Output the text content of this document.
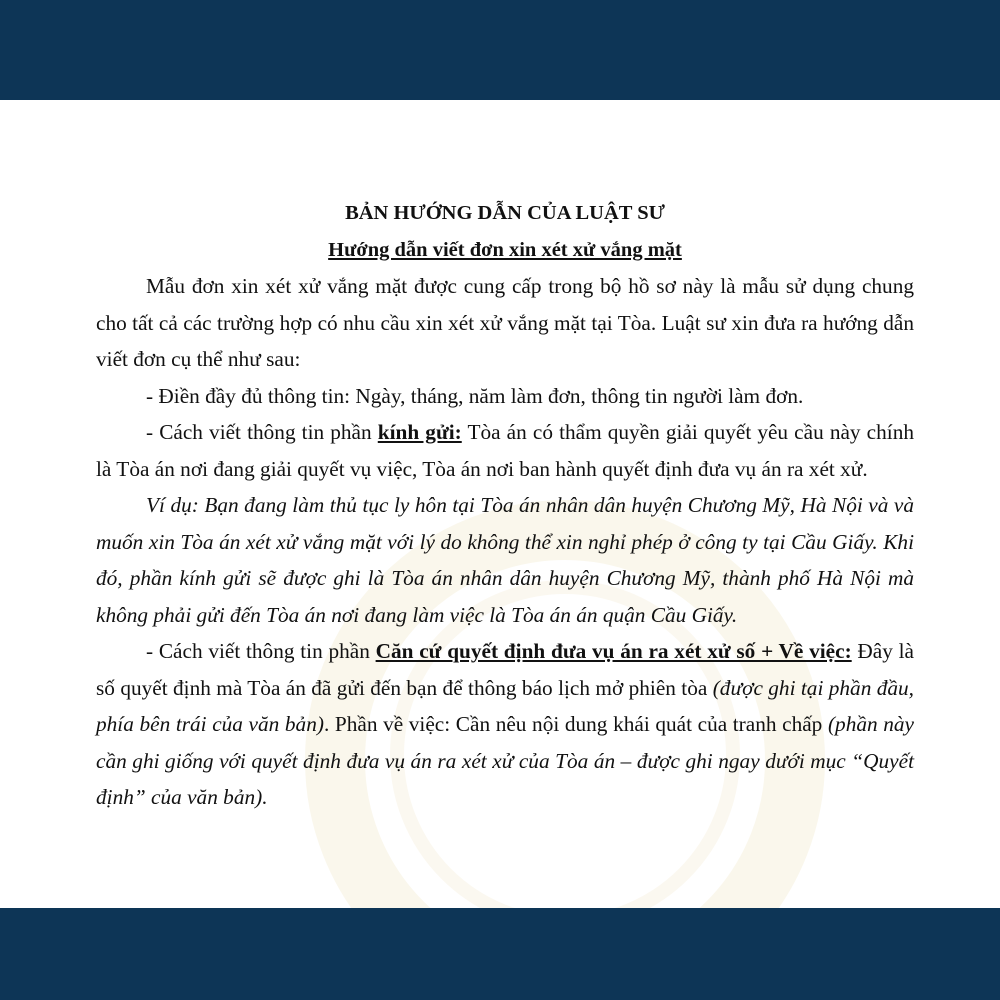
BẢN HƯỚNG DẪN CỦA LUẬT SƯ

Hướng dẫn viết đơn xin xét xử vắng mặt

Mẫu đơn xin xét xử vắng mặt được cung cấp trong bộ hồ sơ này là mẫu sử dụng chung cho tất cả các trường hợp có nhu cầu xin xét xử vắng mặt tại Tòa. Luật sư xin đưa ra hướng dẫn viết đơn cụ thể như sau:

- Điền đầy đủ thông tin: Ngày, tháng, năm làm đơn, thông tin người làm đơn.

- Cách viết thông tin phần kính gửi: Tòa án có thẩm quyền giải quyết yêu cầu này chính là Tòa án nơi đang giải quyết vụ việc, Tòa án nơi ban hành quyết định đưa vụ án ra xét xử.

Ví dụ: Bạn đang làm thủ tục ly hôn tại Tòa án nhân dân huyện Chương Mỹ, Hà Nội và và muốn xin Tòa án xét xử vắng mặt với lý do không thể xin nghỉ phép ở công ty tại Cầu Giấy. Khi đó, phần kính gửi sẽ được ghi là Tòa án nhân dân huyện Chương Mỹ, thành phố Hà Nội mà không phải gửi đến Tòa án nơi đang làm việc là Tòa án án quận Cầu Giấy.

- Cách viết thông tin phần Căn cứ quyết định đưa vụ án ra xét xử số + Về việc: Đây là số quyết định mà Tòa án đã gửi đến bạn để thông báo lịch mở phiên tòa (được ghi tại phần đầu, phía bên trái của văn bản). Phần về việc: Cần nêu nội dung khái quát của tranh chấp (phần này cần ghi giống với quyết định đưa vụ án ra xét xử của Tòa án – được ghi ngay dưới mục “Quyết định” của văn bản).
